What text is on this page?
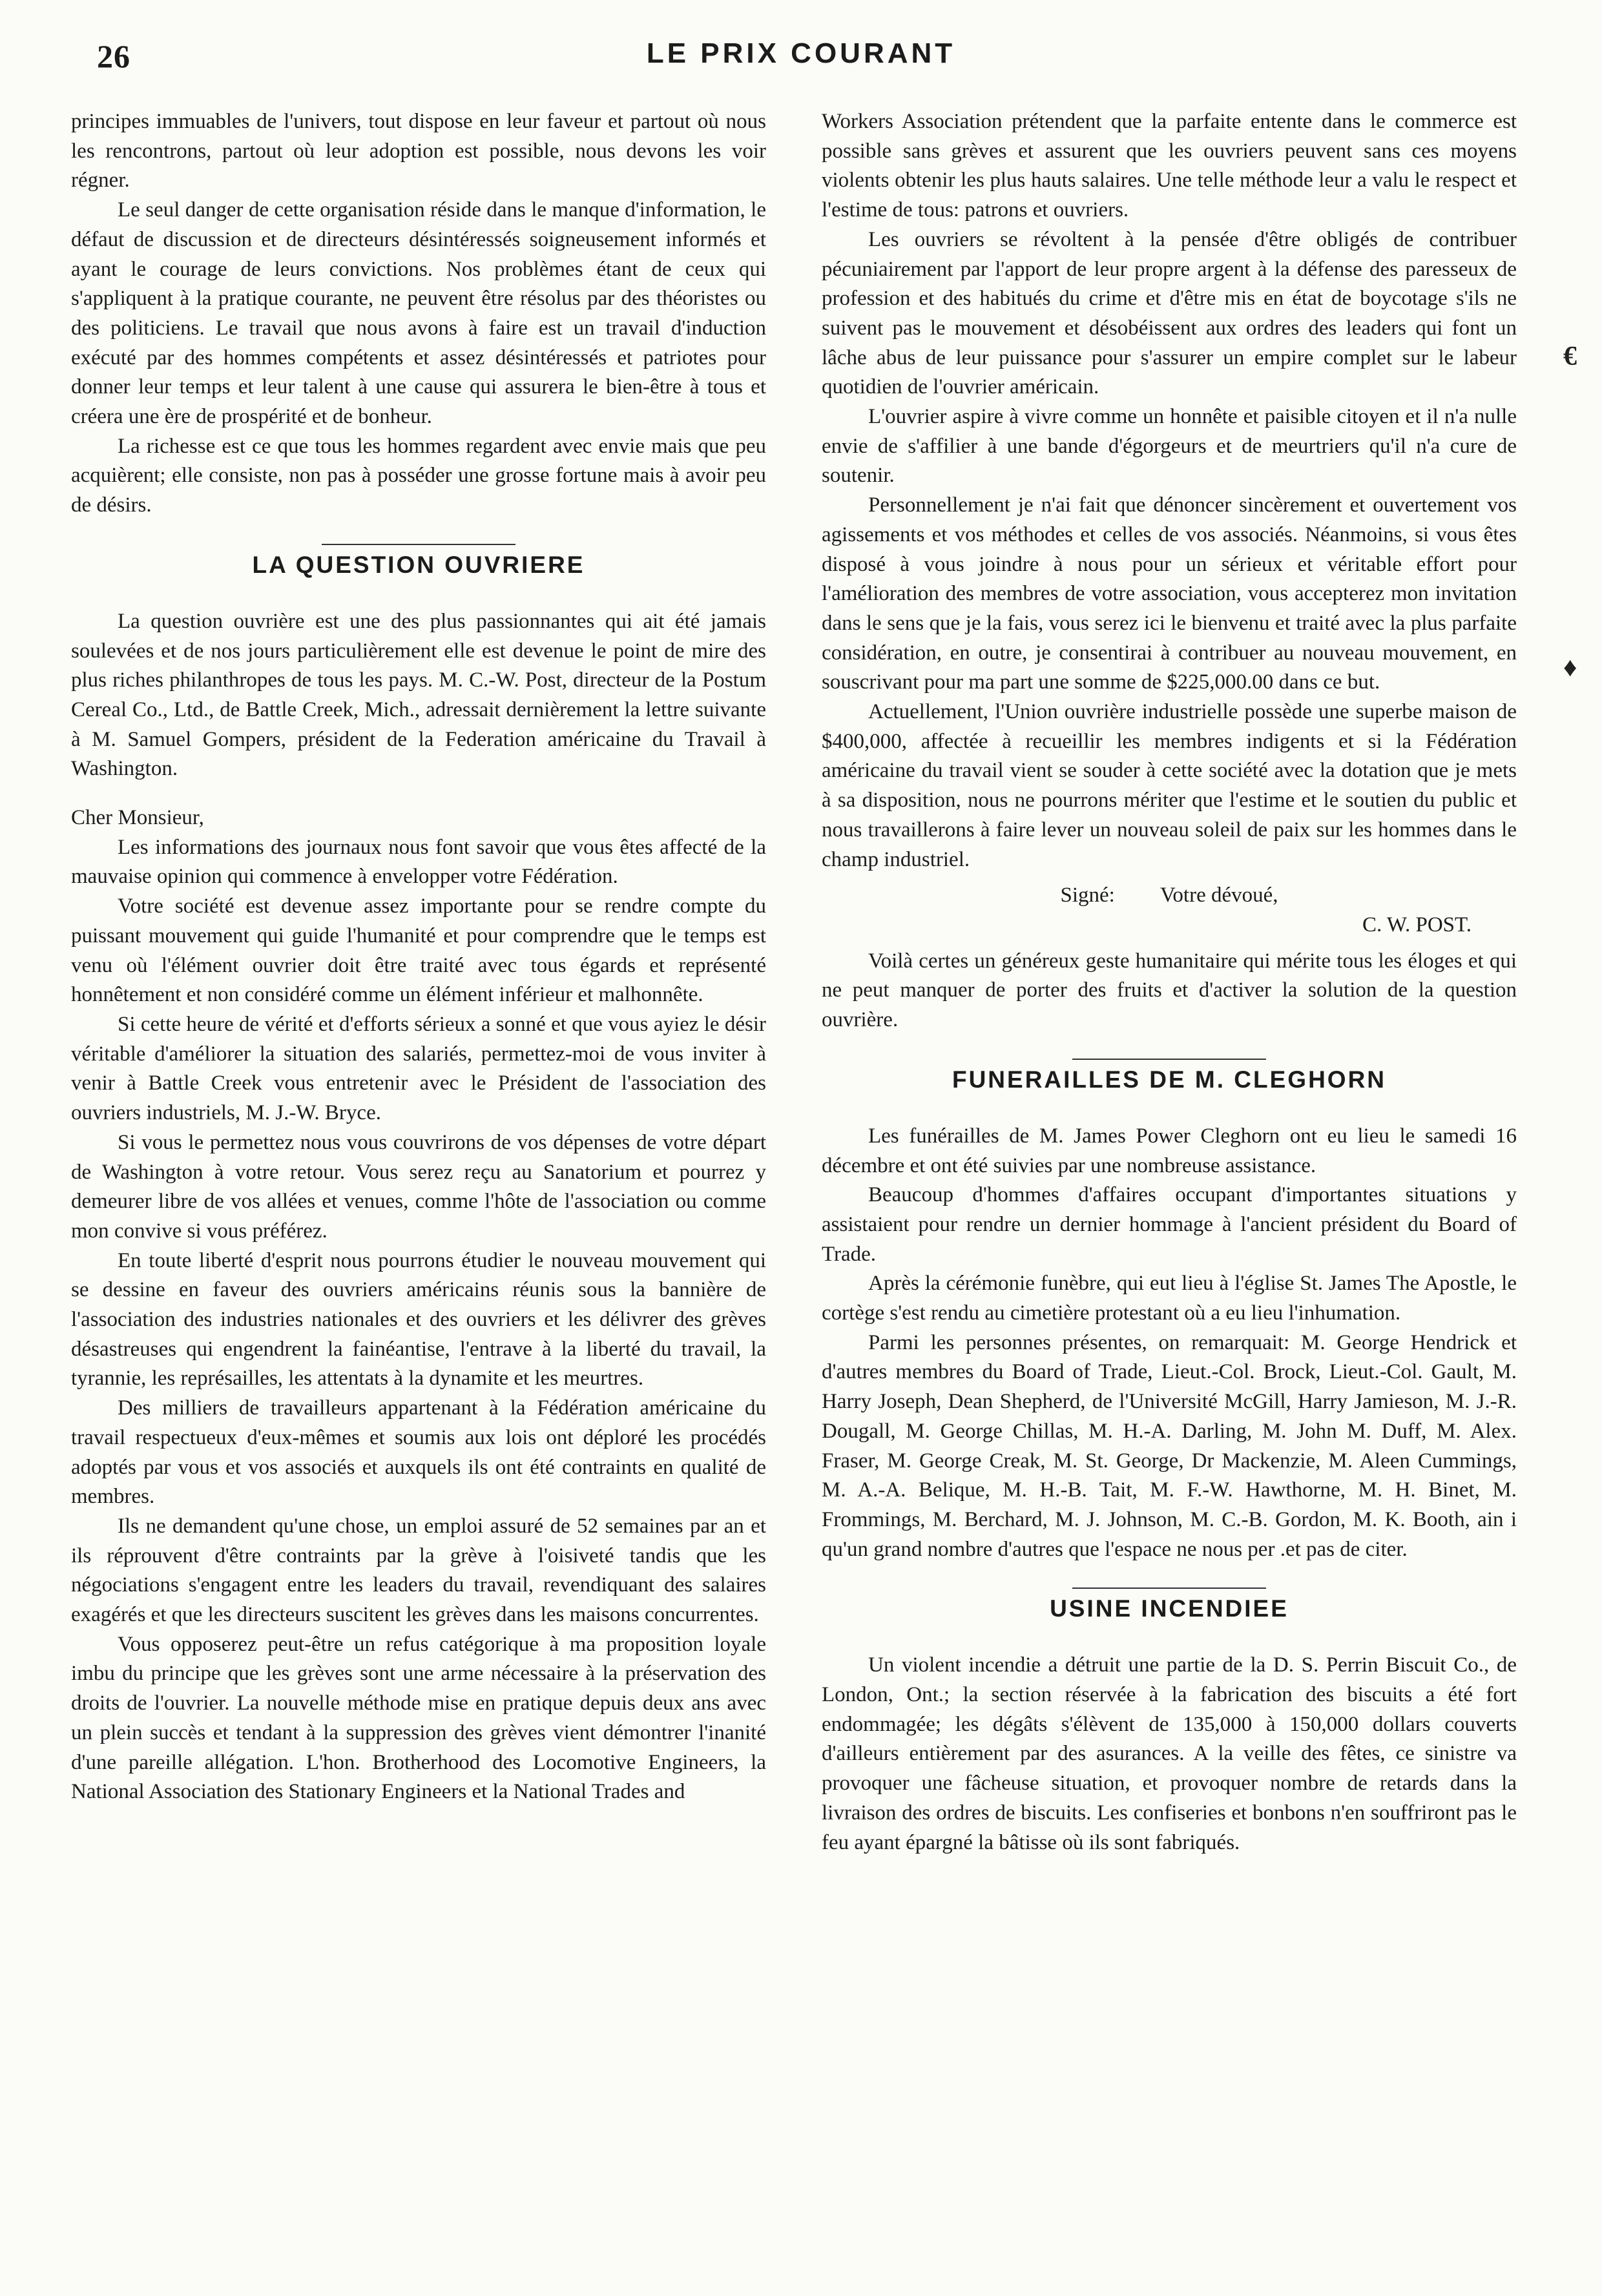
26	LE PRIX COURANT

principes immuables de l'univers, tout dispose en leur faveur et partout où nous les rencontrons, partout où leur adoption est possible, nous devons les voir régner.

Le seul danger de cette organisation réside dans le manque d'information, le défaut de discussion et de directeurs désintéressés soigneusement informés et ayant le courage de leurs convictions. Nos problèmes étant de ceux qui s'appliquent à la pratique courante, ne peuvent être résolus par des théoristes ou des politiciens. Le travail que nous avons à faire est un travail d'induction exécuté par des hommes compétents et assez désintéressés et patriotes pour donner leur temps et leur talent à une cause qui assurera le bien-être à tous et créera une ère de prospérité et de bonheur.

La richesse est ce que tous les hommes regardent avec envie mais que peu acquièrent; elle consiste, non pas à posséder une grosse fortune mais à avoir peu de désirs.

LA QUESTION OUVRIERE

La question ouvrière est une des plus passionnantes qui ait été jamais soulevées et de nos jours particulièrement elle est devenue le point de mire des plus riches philanthropes de tous les pays. M. C.-W. Post, directeur de la Postum Cereal Co., Ltd., de Battle Creek, Mich., adressait dernièrement la lettre suivante à M. Samuel Gompers, président de la Federation américaine du Travail à Washington.

Cher Monsieur,

Les informations des journaux nous font savoir que vous êtes affecté de la mauvaise opinion qui commence à envelopper votre Fédération.

Votre société est devenue assez importante pour se rendre compte du puissant mouvement qui guide l'humanité et pour comprendre que le temps est venu où l'élément ouvrier doit être traité avec tous égards et représenté honnêtement et non considéré comme un élément inférieur et malhonnête.

Si cette heure de vérité et d'efforts sérieux a sonné et que vous ayiez le désir véritable d'améliorer la situation des salariés, permettez-moi de vous inviter à venir à Battle Creek vous entretenir avec le Président de l'association des ouvriers industriels, M. J.-W. Bryce.

Si vous le permettez nous vous couvrirons de vos dépenses de votre départ de Washington à votre retour. Vous serez reçu au Sanatorium et pourrez y demeurer libre de vos allées et venues, comme l'hôte de l'association ou comme mon convive si vous préférez.

En toute liberté d'esprit nous pourrons étudier le nouveau mouvement qui se dessine en faveur des ouvriers américains réunis sous la bannière de l'association des industries nationales et des ouvriers et les délivrer des grèves désastreuses qui engendrent la fainéantise, l'entrave à la liberté du travail, la tyrannie, les représailles, les attentats à la dynamite et les meurtres.

Des milliers de travailleurs appartenant à la Fédération américaine du travail respectueux d'eux-mêmes et soumis aux lois ont déploré les procédés adoptés par vous et vos associés et auxquels ils ont été contraints en qualité de membres.

Ils ne demandent qu'une chose, un emploi assuré de 52 semaines par an et ils réprouvent d'être contraints par la grève à l'oisiveté tandis que les négociations s'engagent entre les leaders du travail, revendiquant des salaires exagérés et que les directeurs suscitent les grèves dans les maisons concurrentes.

Vous opposerez peut-être un refus catégorique à ma proposition loyale imbu du principe que les grèves sont une arme nécessaire à la préservation des droits de l'ouvrier. La nouvelle méthode mise en pratique depuis deux ans avec un plein succès et tendant à la suppression des grèves vient démontrer l'inanité d'une pareille allégation. L'hon. Brotherhood des Locomotive Engineers, la National Association des Stationary Engineers et la National Trades and

Workers Association prétendent que la parfaite entente dans le commerce est possible sans grèves et assurent que les ouvriers peuvent sans ces moyens violents obtenir les plus hauts salaires. Une telle méthode leur a valu le respect et l'estime de tous: patrons et ouvriers.

Les ouvriers se révoltent à la pensée d'être obligés de contribuer pécuniairement par l'apport de leur propre argent à la défense des paresseux de profession et des habitués du crime et d'être mis en état de boycotage s'ils ne suivent pas le mouvement et désobéissent aux ordres des leaders qui font un lâche abus de leur puissance pour s'assurer un empire complet sur le labeur quotidien de l'ouvrier américain.

L'ouvrier aspire à vivre comme un honnête et paisible citoyen et il n'a nulle envie de s'affilier à une bande d'égorgeurs et de meurtriers qu'il n'a cure de soutenir.

Personnellement je n'ai fait que dénoncer sincèrement et ouvertement vos agissements et vos méthodes et celles de vos associés. Néanmoins, si vous êtes disposé à vous joindre à nous pour un sérieux et véritable effort pour l'amélioration des membres de votre association, vous accepterez mon invitation dans le sens que je la fais, vous serez ici le bienvenu et traité avec la plus parfaite considération, en outre, je consentirai à contribuer au nouveau mouvement, en souscrivant pour ma part une somme de $225,000.00 dans ce but.

Actuellement, l'Union ouvrière industrielle possède une superbe maison de $400,000, affectée à recueillir les membres indigents et si la Fédération américaine du travail vient se souder à cette société avec la dotation que je mets à sa disposition, nous ne pourrons mériter que l'estime et le soutien du public et nous travaillerons à faire lever un nouveau soleil de paix sur les hommes dans le champ industriel.

Signé: Votre dévoué,
C. W. POST.

Voilà certes un généreux geste humanitaire qui mérite tous les éloges et qui ne peut manquer de porter des fruits et d'activer la solution de la question ouvrière.

FUNERAILLES DE M. CLEGHORN

Les funérailles de M. James Power Cleghorn ont eu lieu le samedi 16 décembre et ont été suivies par une nombreuse assistance.

Beaucoup d'hommes d'affaires occupant d'importantes situations y assistaient pour rendre un dernier hommage à l'ancient président du Board of Trade.

Après la cérémonie funèbre, qui eut lieu à l'église St. James The Apostle, le cortège s'est rendu au cimetière protestant où a eu lieu l'inhumation.

Parmi les personnes présentes, on remarquait: M. George Hendrick et d'autres membres du Board of Trade, Lieut.-Col. Brock, Lieut.-Col. Gault, M. Harry Joseph, Dean Shepherd, de l'Université McGill, Harry Jamieson, M. J.-R. Dougall, M. George Chillas, M. H.-A. Darling, M. John M. Duff, M. Alex. Fraser, M. George Creak, M. St. George, Dr Mackenzie, M. Aleen Cummings, M. A.-A. Belique, M. H.-B. Tait, M. F.-W. Hawthorne, M. H. Binet, M. Frommings, M. Berchard, M. J. Johnson, M. C.-B. Gordon, M. K. Booth, ain i qu'un grand nombre d'autres que l'espace ne nous per .et pas de citer.

USINE INCENDIEE

Un violent incendie a détruit une partie de la D. S. Perrin Biscuit Co., de London, Ont.; la section réservée à la fabrication des biscuits a été fort endommagée; les dégâts s'élèvent de 135,000 à 150,000 dollars couverts d'ailleurs entièrement par des asurances. A la veille des fêtes, ce sinistre va provoquer une fâcheuse situation, et provoquer nombre de retards dans la livraison des ordres de biscuits. Les confiseries et bonbons n'en souffriront pas le feu ayant épargné la bâtisse où ils sont fabriqués.

€
♦
